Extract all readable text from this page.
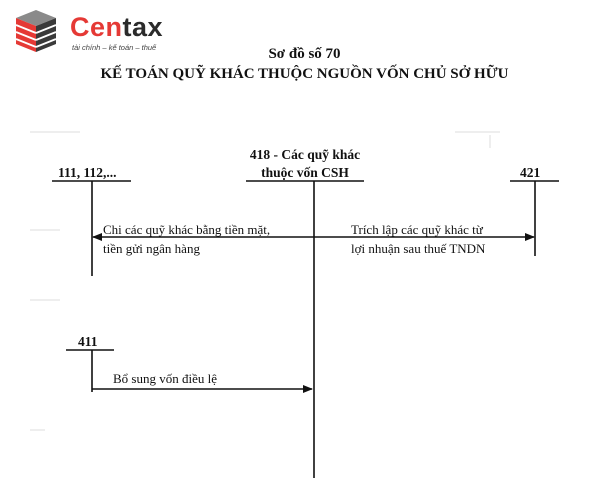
Centax
tài chính – kế toán – thuế	Sơ đồ số 70
KẾ TOÁN QUỸ KHÁC THUỘC NGUỒN VỐN CHỦ SỞ HỮU
111, 112,...
418 - Các quỹ khác
thuộc vốn CSH	421
411
Chi các quỹ khác bằng tiền mặt,
tiền gửi ngân hàng
Trích lập các quỹ khác từ
lợi nhuận sau thuế TNDN
Bổ sung vốn điều lệ
